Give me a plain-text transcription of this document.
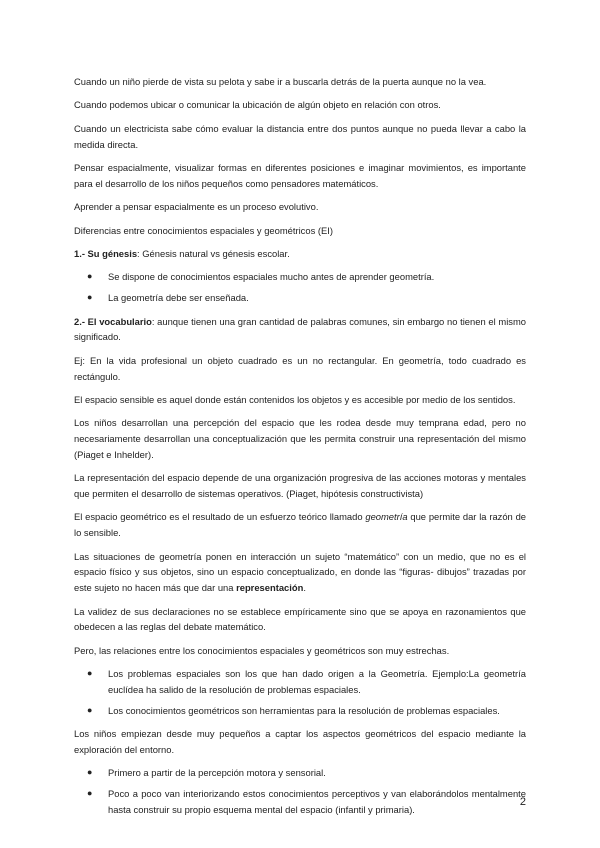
Cuando un niño pierde de vista su pelota y sabe ir a buscarla detrás de la puerta aunque no la vea.

Cuando podemos ubicar o comunicar la ubicación de algún objeto en relación con otros.

Cuando un electricista sabe cómo evaluar la distancia entre dos puntos aunque no pueda llevar a cabo la medida directa.

Pensar espacialmente, visualizar formas en diferentes posiciones e imaginar movimientos, es importante para el desarrollo de los niños pequeños como pensadores matemáticos.

Aprender a pensar espacialmente es un proceso evolutivo.

Diferencias entre conocimientos espaciales y geométricos (EI)

1.- Su génesis: Génesis natural vs génesis escolar.

● Se dispone de conocimientos espaciales mucho antes de aprender geometría.
● La geometría debe ser enseñada.

2.- El vocabulario: aunque tienen una gran cantidad de palabras comunes, sin embargo no tienen el mismo significado.

Ej: En la vida profesional un objeto cuadrado es un no rectangular. En geometría, todo cuadrado es rectángulo.

El espacio sensible es aquel donde están contenidos los objetos y es accesible por medio de los sentidos.

Los niños desarrollan una percepción del espacio que les rodea desde muy temprana edad, pero no necesariamente desarrollan una conceptualización que les permita construir una representación del mismo (Piaget e Inhelder).

La representación del espacio depende de una organización progresiva de las acciones motoras y mentales que permiten el desarrollo de sistemas operativos. (Piaget, hipótesis constructivista)

El espacio geométrico es el resultado de un esfuerzo teórico llamado geometría que permite dar la razón de lo sensible.

Las situaciones de geometría ponen en interacción un sujeto “matemático” con un medio, que no es el espacio físico y sus objetos, sino un espacio conceptualizado, en donde las “figuras- dibujos” trazadas por este sujeto no hacen más que dar una representación.

La validez de sus declaraciones no se establece empíricamente sino que se apoya en razonamientos que obedecen a las reglas del debate matemático.

Pero, las relaciones entre los conocimientos espaciales y geométricos son muy estrechas.

● Los problemas espaciales son los que han dado origen a la Geometría. Ejemplo:La geometría euclídea ha salido de la resolución de problemas espaciales.
● Los conocimientos geométricos son herramientas para la resolución de problemas espaciales.

Los niños empiezan desde muy pequeños a captar los aspectos geométricos del espacio mediante la exploración del entorno.

● Primero a partir de la percepción motora y sensorial.
● Poco a poco van interiorizando estos conocimientos perceptivos y van elaborándolos mentalmente hasta construir su propio esquema mental del espacio (infantil y primaria).
2
